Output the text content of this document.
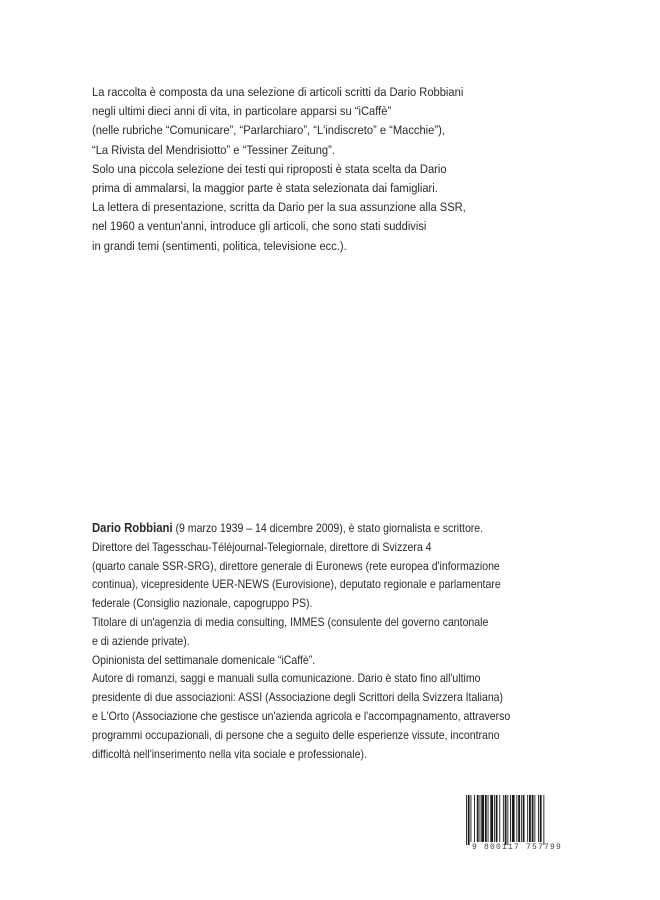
La raccolta è composta da una selezione di articoli scritti da Dario Robbiani
negli ultimi dieci anni di vita, in particolare apparsi su “iCaffè”
(nelle rubriche “Comunicare”, “Parlarchiaro”, “L'indiscreto” e “Macchie”),
“La Rivista del Mendrisiotto” e “Tessiner Zeitung”.
Solo una piccola selezione dei testi qui riproposti è stata scelta da Dario
prima di ammalarsi, la maggior parte è stata selezionata dai famigliari.
La lettera di presentazione, scritta da Dario per la sua assunzione alla SSR,
nel 1960 a ventun'anni, introduce gli articoli, che sono stati suddivisi
in grandi temi (sentimenti, politica, televisione ecc.).
Dario Robbiani (9 marzo 1939 – 14 dicembre 2009), è stato giornalista e scrittore.
Direttore del Tagesschau-Téléjournal-Telegiornale, direttore di Svizzera 4
(quarto canale SSR-SRG), direttore generale di Euronews (rete europea d'informazione
continua), vicepresidente UER-NEWS (Eurovisione), deputato regionale e parlamentare
federale (Consiglio nazionale, capogruppo PS).
Titolare di un'agenzia di media consulting, IMMES (consulente del governo cantonale
e di aziende private).
Opinionista del settimanale domenicale “iCaffè”.
Autore di romanzi, saggi e manuali sulla comunicazione. Dario è stato fino all'ultimo
presidente di due associazioni: ASSI (Associazione degli Scrittori della Svizzera Italiana)
e L'Orto (Associazione che gestisce un'azienda agricola e l'accompagnamento, attraverso
programmi occupazionali, di persone che a seguito delle esperienze vissute, incontrano
difficoltà nell'inserimento nella vita sociale e professionale).
9 800117 757799
